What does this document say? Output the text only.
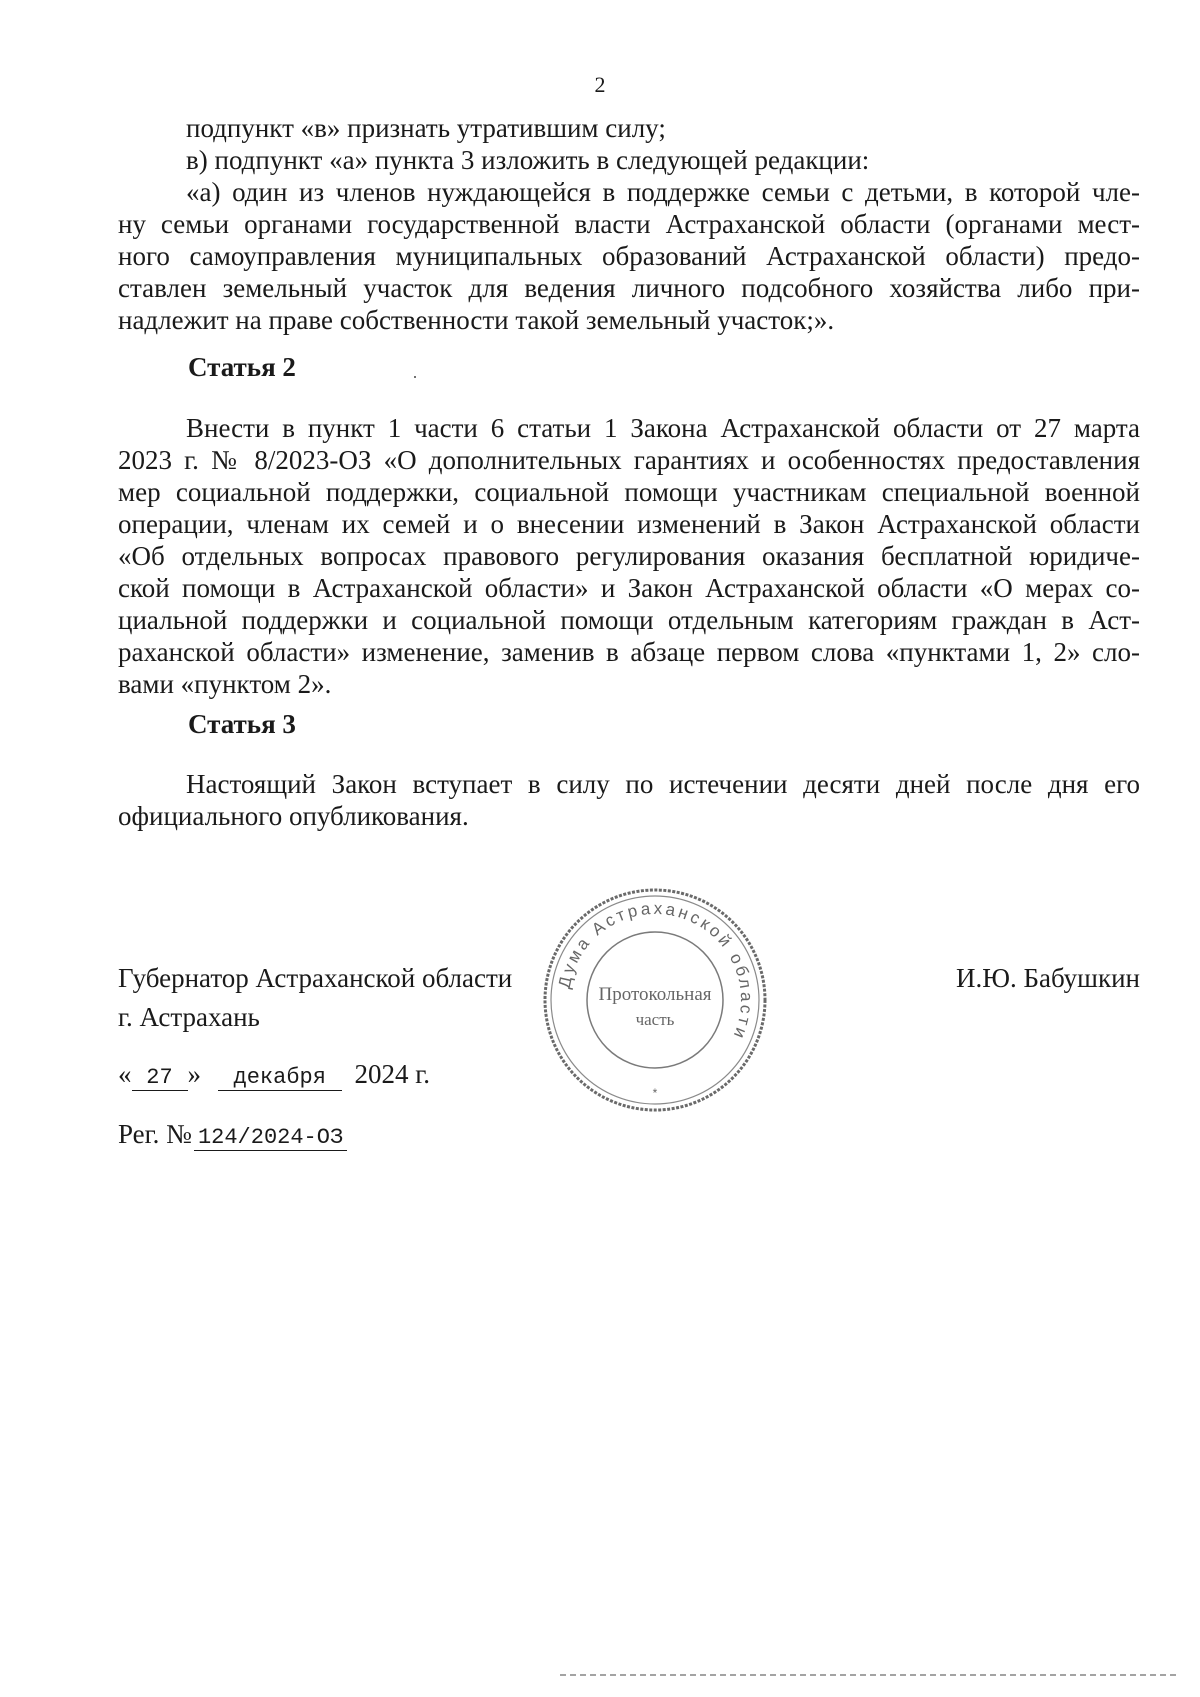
2
подпункт «в» признать утратившим силу;
в) подпункт «а» пункта 3 изложить в следующей редакции:
«а) один из членов нуждающейся в поддержке семьи с детьми, в которой чле-
ну семьи органами государственной власти Астраханской области (органами мест-
ного самоуправления муниципальных образований Астраханской области) предо-
ставлен земельный участок для ведения личного подсобного хозяйства либо при-
надлежит на праве собственности такой земельный участок;».
Статья 2
Внести в пункт 1 части 6 статьи 1 Закона Астраханской области от 27 марта
2023 г. № 8/2023-ОЗ «О дополнительных гарантиях и особенностях предоставления
мер социальной поддержки, социальной помощи участникам специальной военной
операции, членам их семей и о внесении изменений в Закон Астраханской области
«Об отдельных вопросах правового регулирования оказания бесплатной юридиче-
ской помощи в Астраханской области» и Закон Астраханской области «О мерах со-
циальной поддержки и социальной помощи отдельным категориям граждан в Аст-
раханской области» изменение, заменив в абзаце первом слова «пунктами 1, 2» сло-
вами «пунктом 2».
Статья 3
Настоящий Закон вступает в силу по истечении десяти дней после дня его
официального опубликования.
Губернатор Астраханской области	И.Ю. Бабушкин
Дума Астраханской области
Протокольная
часть
*
г. Астрахань
« 27 » декабря 2024 г.
Рег. № 124/2024-ОЗ
